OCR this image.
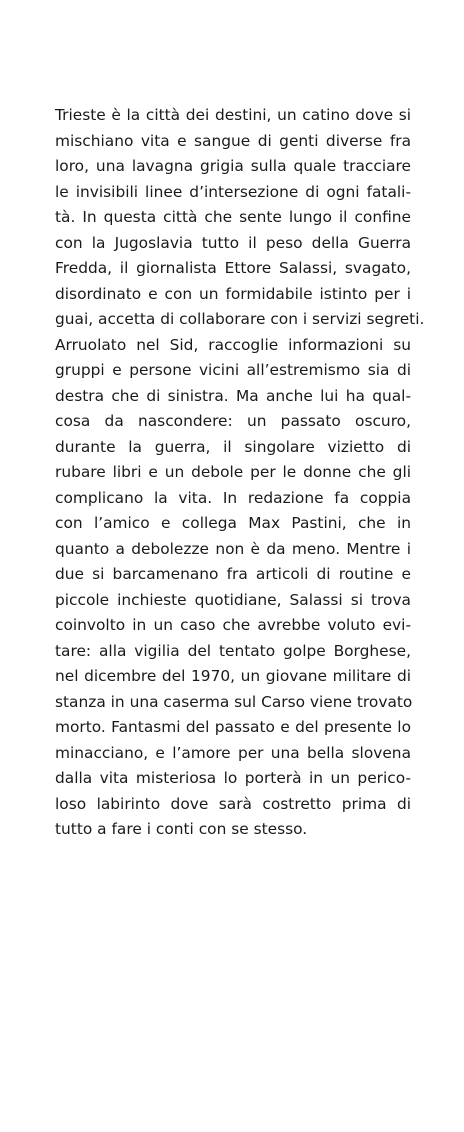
Trieste è la città dei destini, un catino dove si
mischiano vita e sangue di genti diverse fra
loro, una lavagna grigia sulla quale tracciare
le invisibili linee d’intersezione di ogni fatali-
tà. In questa città che sente lungo il confine
con la Jugoslavia tutto il peso della Guerra
Fredda, il giornalista Ettore Salassi, svagato,
disordinato e con un formidabile istinto per i
guai, accetta di collaborare con i servizi segreti.
Arruolato nel Sid, raccoglie informazioni su
gruppi e persone vicini all’estremismo sia di
destra che di sinistra. Ma anche lui ha qual-
cosa da nascondere: un passato oscuro,
durante la guerra, il singolare vizietto di
rubare libri e un debole per le donne che gli
complicano la vita. In redazione fa coppia
con l’amico e collega Max Pastini, che in
quanto a debolezze non è da meno. Mentre i
due si barcamenano fra articoli di routine e
piccole inchieste quotidiane, Salassi si trova
coinvolto in un caso che avrebbe voluto evi-
tare: alla vigilia del tentato golpe Borghese,
nel dicembre del 1970, un giovane militare di
stanza in una caserma sul Carso viene trovato
morto. Fantasmi del passato e del presente lo
minacciano, e l’amore per una bella slovena
dalla vita misteriosa lo porterà in un perico-
loso labirinto dove sarà costretto prima di
tutto a fare i conti con se stesso.
